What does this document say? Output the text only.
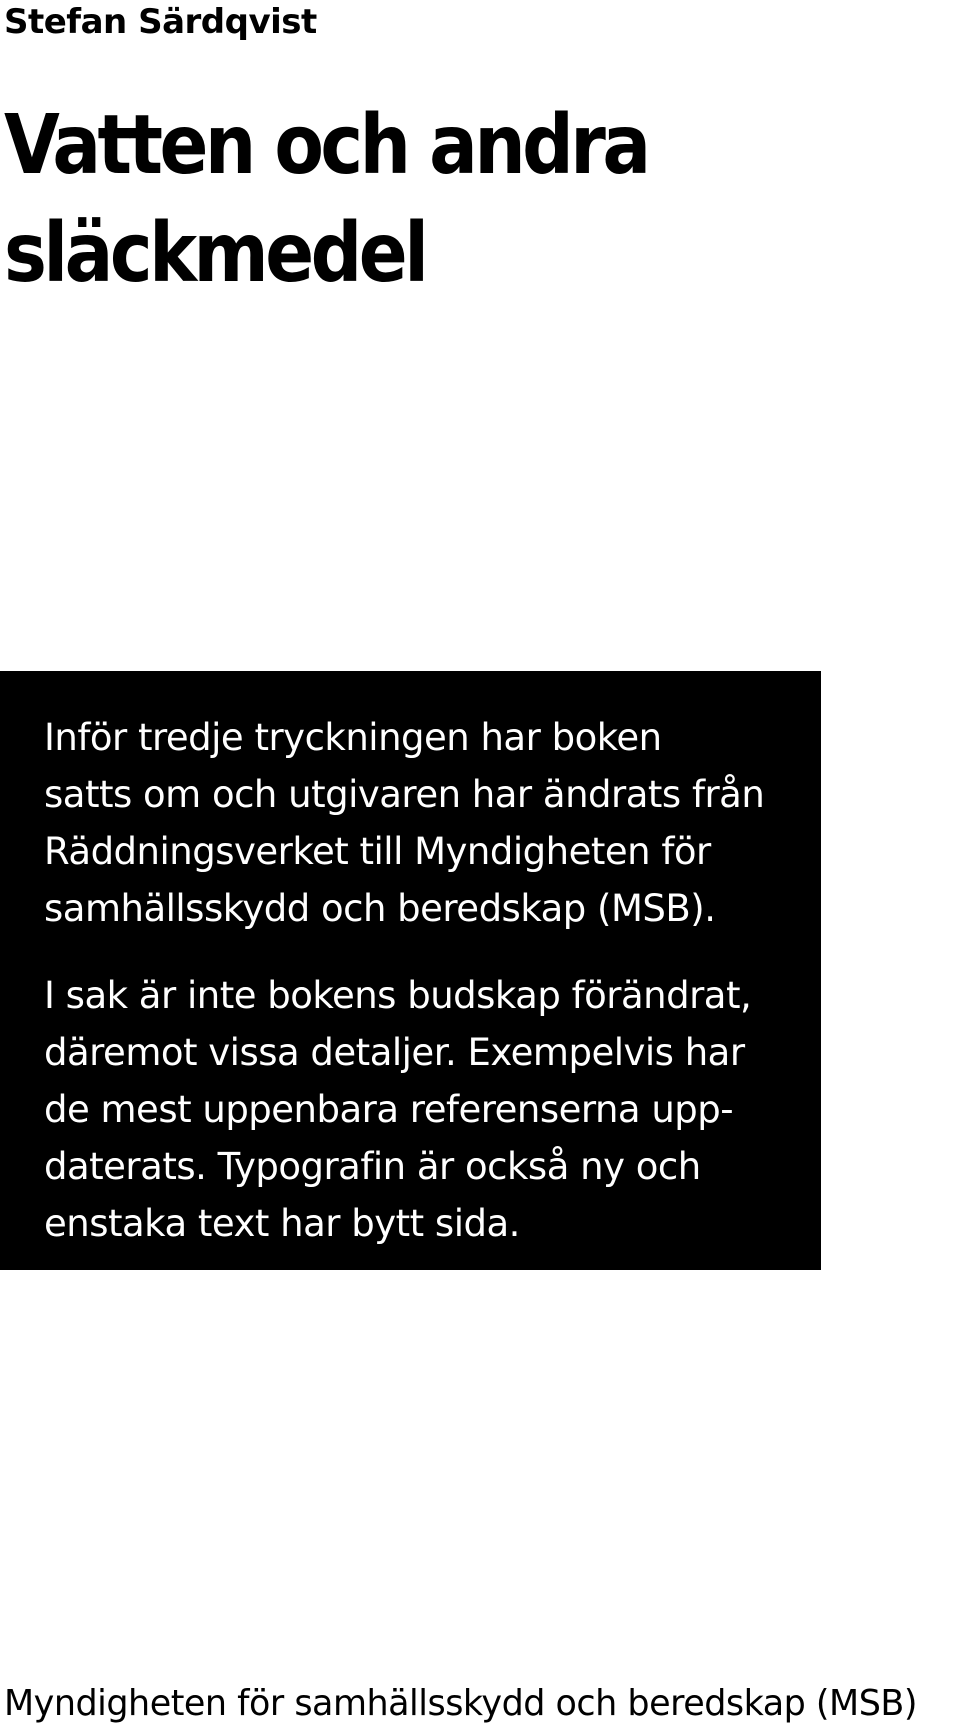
Stefan Särdqvist
Vatten och andra
släckmedel

Inför tredje tryckningen har boken
satts om och utgivaren har ändrats från
Räddningsverket till Myndigheten för
samhällsskydd och beredskap (MSB).

I sak är inte bokens budskap förändrat,
däremot vissa detaljer. Exempelvis har
de mest uppenbara referenserna upp-
daterats. Typografin är också ny och
enstaka text har bytt sida.

Myndigheten för samhällsskydd och beredskap (MSB)
